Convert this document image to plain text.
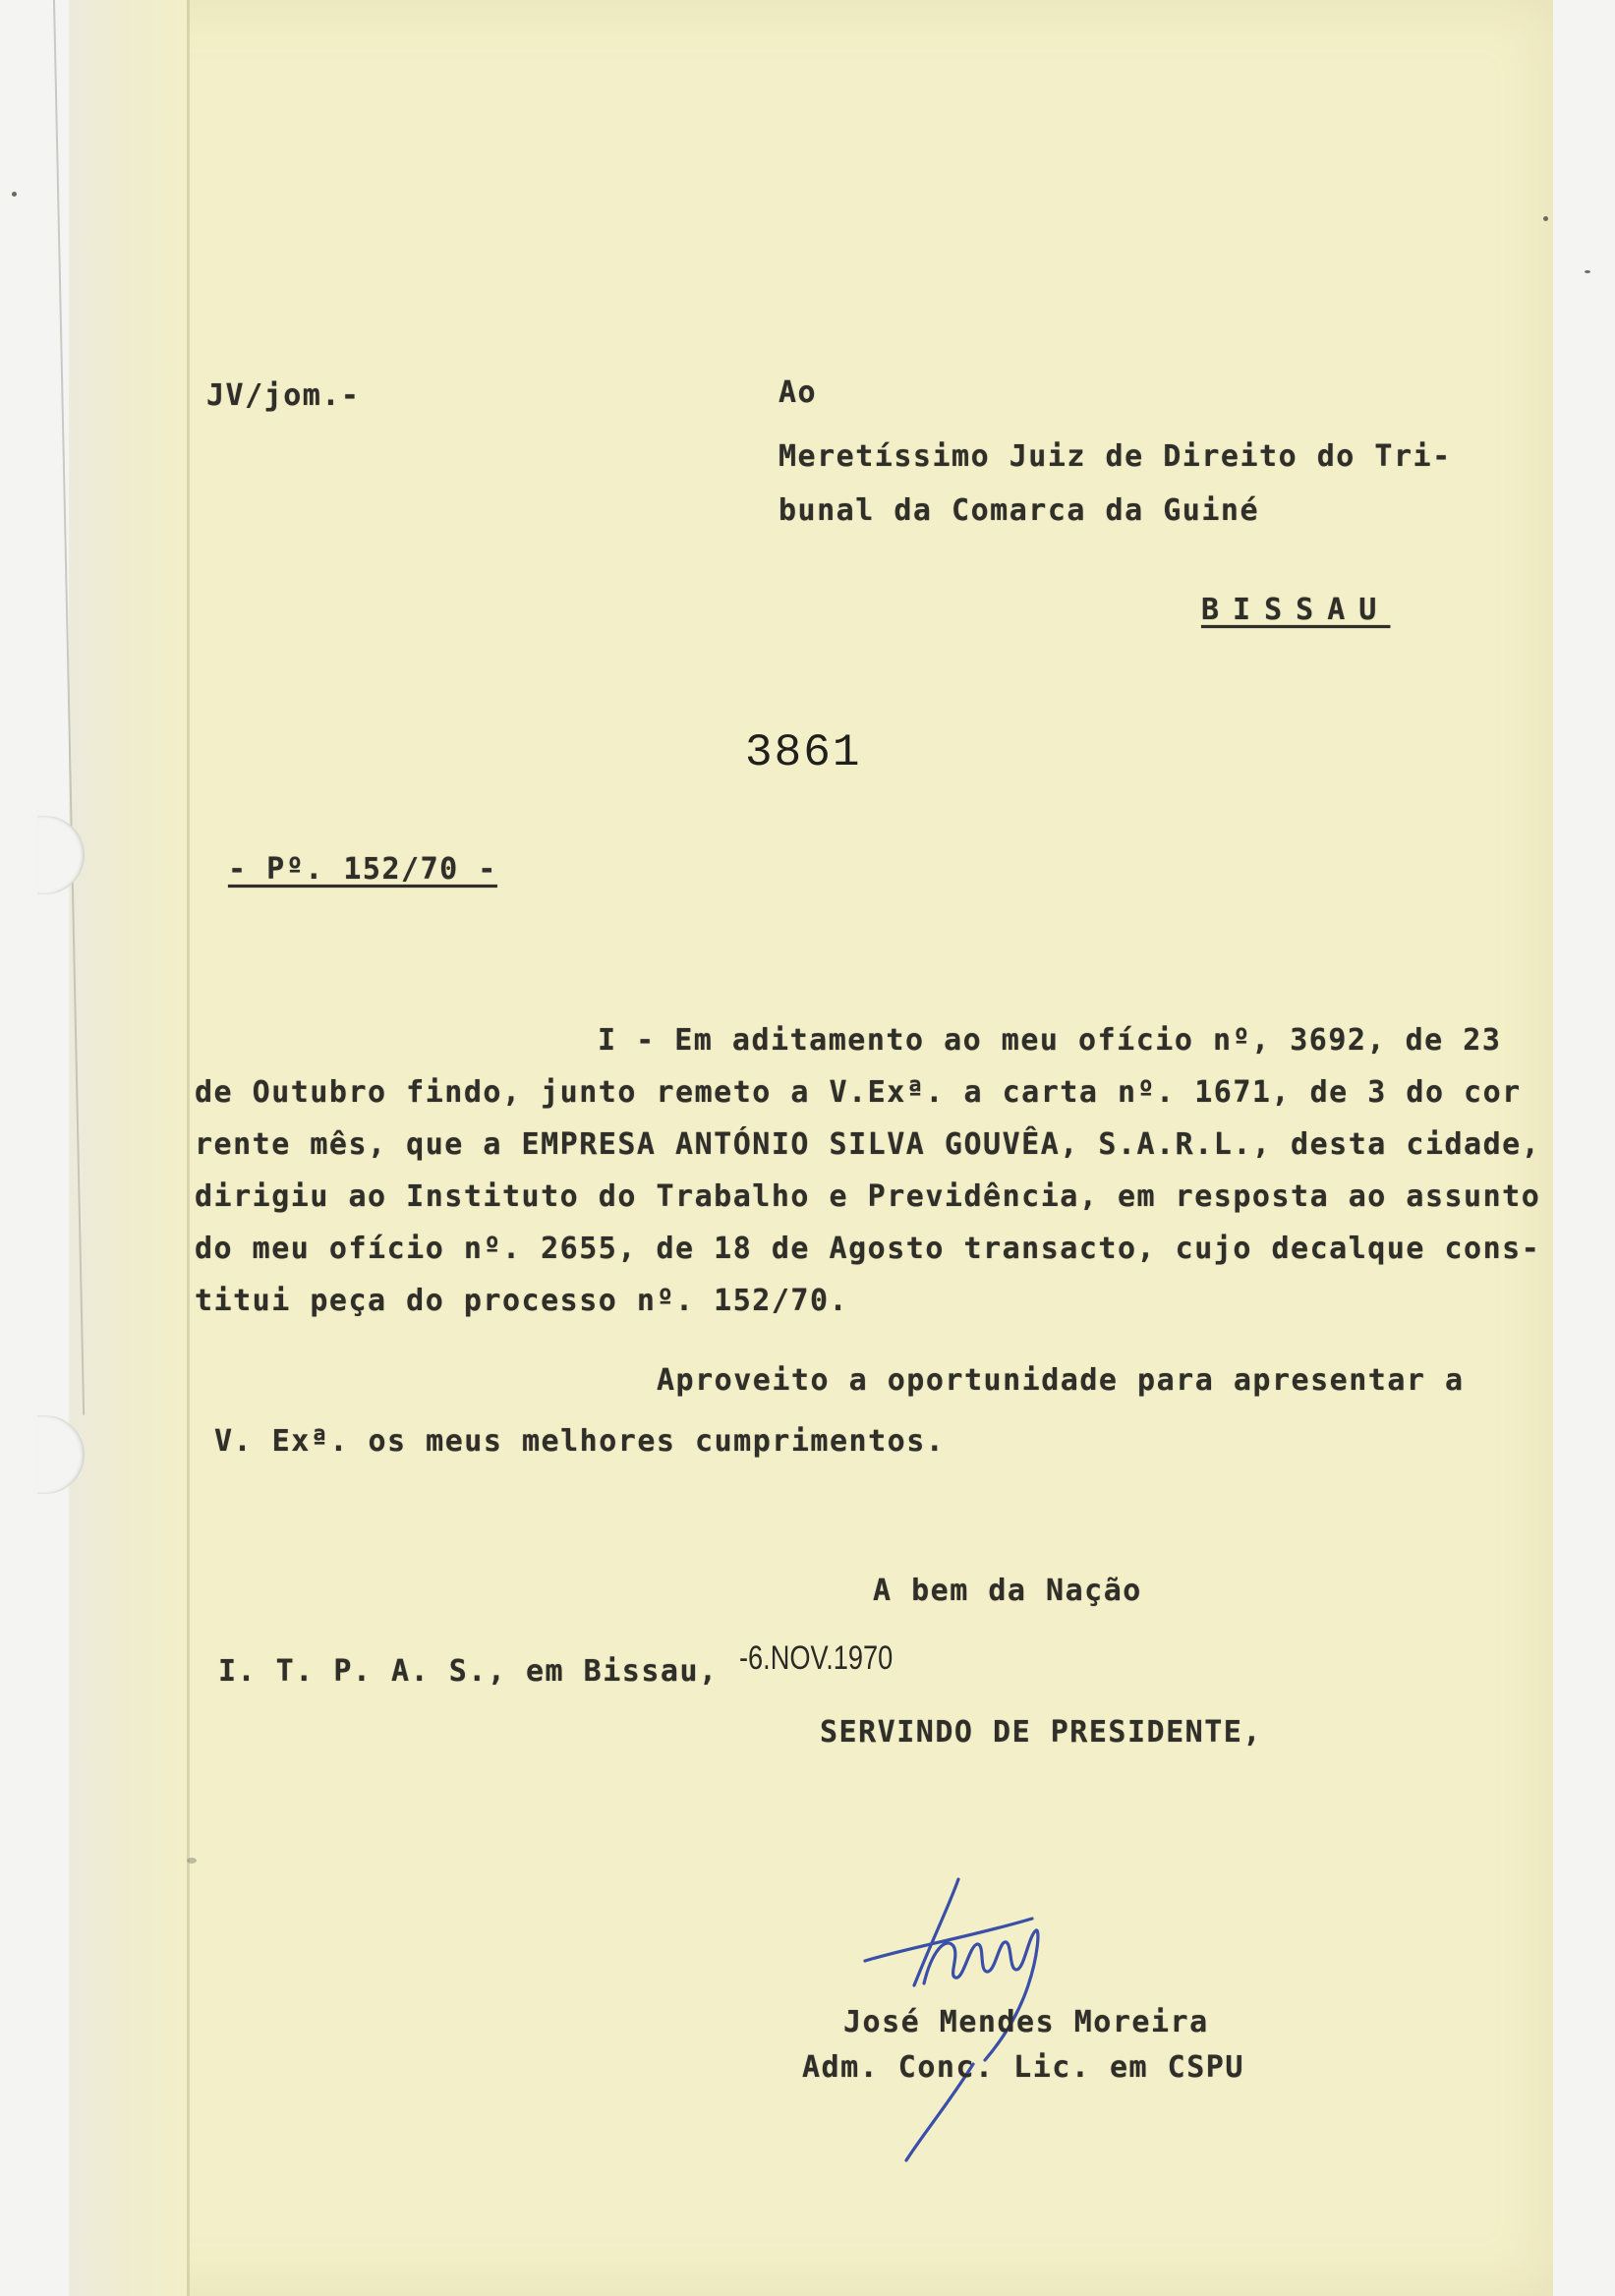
JV/jom.-	Ao
Meretíssimo Juiz de Direito do Tri-
bunal da Comarca da Guiné
BISSAU
3861
- Pº. 152/70 -
I - Em aditamento ao meu ofício nº, 3692, de 23
de Outubro findo, junto remeto a V.Exª. a carta nº. 1671, de 3 do cor
rente mês, que a EMPRESA ANTÓNIO SILVA GOUVÊA, S.A.R.L., desta cidade,
dirigiu ao Instituto do Trabalho e Previdência, em resposta ao assunto
do meu ofício nº. 2655, de 18 de Agosto transacto, cujo decalque cons-
titui peça do processo nº. 152/70.
Aproveito a oportunidade para apresentar a
V. Exª. os meus melhores cumprimentos.
A bem da Nação
I. T. P. A. S., em Bissau, -6.NOV.1970
SERVINDO DE PRESIDENTE,
José Mendes Moreira
Adm. Conc. Lic. em CSPU
